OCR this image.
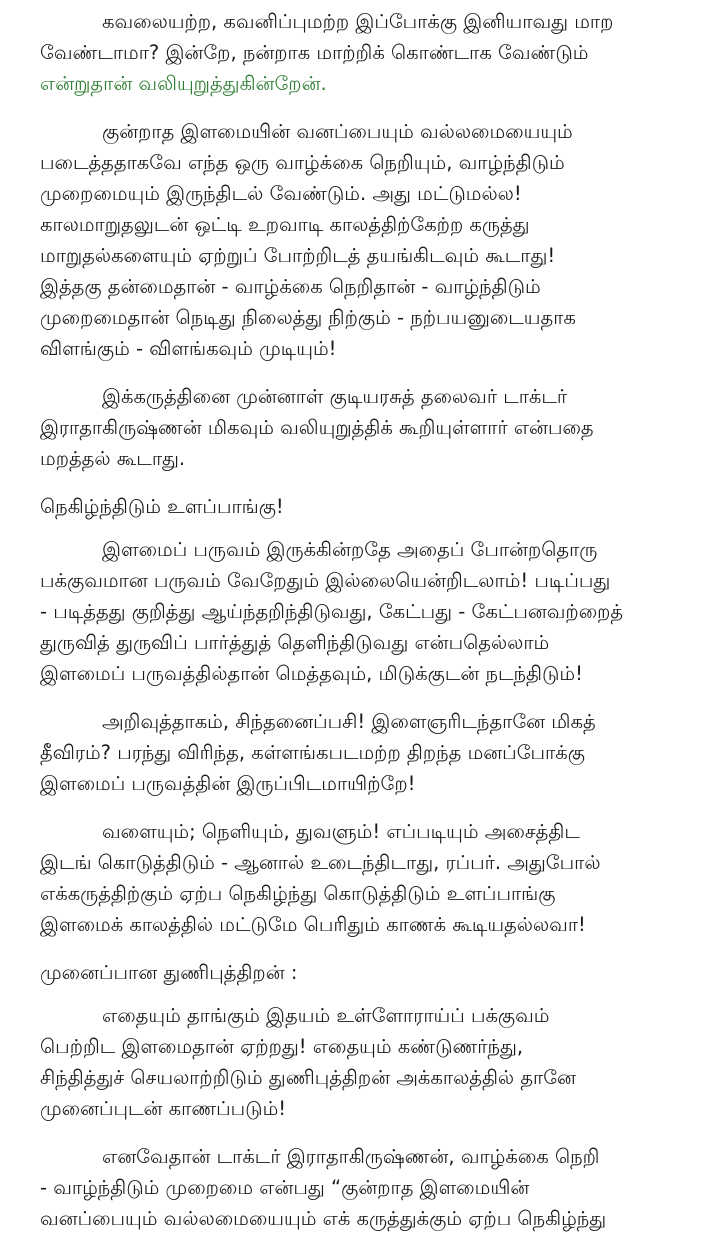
கவலையற்ற, கவனிப்புமற்ற இப்போக்கு இனியாவது மாற
வேண்டாமா? இன்றே, நன்றாக மாற்றிக் கொண்டாக வேண்டும்
என்றுதான் வலியுறுத்துகின்றேன்.

குன்றாத இளமையின் வனப்பையும் வல்லமையையும்
படைத்ததாகவே எந்த ஒரு வாழ்க்கை நெறியும், வாழ்ந்திடும்
முறைமையும் இருந்திடல் வேண்டும். அது மட்டுமல்ல!
காலமாறுதலுடன் ஒட்டி உறவாடி காலத்திற்கேற்ற கருத்து
மாறுதல்களையும் ஏற்றுப் போற்றிடத் தயங்கிடவும் கூடாது!
இத்தகு தன்மைதான் - வாழ்க்கை நெறிதான் - வாழ்ந்திடும்
முறைமைதான் நெடிது நிலைத்து நிற்கும் - நற்பயனுடையதாக
விளங்கும் - விளங்கவும் முடியும்!

இக்கருத்தினை முன்னாள் குடியரசுத் தலைவர் டாக்டர்
இராதாகிருஷ்ணன் மிகவும் வலியுறுத்திக் கூறியுள்ளார் என்பதை
மறத்தல் கூடாது.

நெகிழ்ந்திடும் உளப்பாங்கு!

இளமைப் பருவம் இருக்கின்றதே அதைப் போன்றதொரு
பக்குவமான பருவம் வேறேதும் இல்லையென்றிடலாம்! படிப்பது
- படித்தது குறித்து ஆய்ந்தறிந்திடுவது, கேட்பது - கேட்பனவற்றைத்
துருவித் துருவிப் பார்த்துத் தெளிந்திடுவது என்பதெல்லாம்
இளமைப் பருவத்தில்தான் மெத்தவும், மிடுக்குடன் நடந்திடும்!

அறிவுத்தாகம், சிந்தனைப்பசி! இளைஞரிடந்தானே மிகத்
தீவிரம்? பரந்து விரிந்த, கள்ளங்கபடமற்ற திறந்த மனப்போக்கு
இளமைப் பருவத்தின் இருப்பிடமாயிற்றே!

வளையும்; நெளியும், துவளும்! எப்படியும் அசைத்திட
இடங் கொடுத்திடும் - ஆனால் உடைந்திடாது, ரப்பர். அதுபோல்
எக்கருத்திற்கும் ஏற்ப நெகிழ்ந்து கொடுத்திடும் உளப்பாங்கு
இளமைக் காலத்தில் மட்டுமே பெரிதும் காணக் கூடியதல்லவா!

முனைப்பான துணிபுத்திறன் :

எதையும் தாங்கும் இதயம் உள்ளோராய்ப் பக்குவம்
பெற்றிட இளமைதான் ஏற்றது! எதையும் கண்டுணர்ந்து,
சிந்தித்துச் செயலாற்றிடும் துணிபுத்திறன் அக்காலத்தில் தானே
முனைப்புடன் காணப்படும்!

எனவேதான் டாக்டர் இராதாகிருஷ்ணன், வாழ்க்கை நெறி
- வாழ்ந்திடும் முறைமை என்பது “குன்றாத இளமையின்
வனப்பையும் வல்லமையையும் எக் கருத்துக்கும் ஏற்ப நெகிழ்ந்து
